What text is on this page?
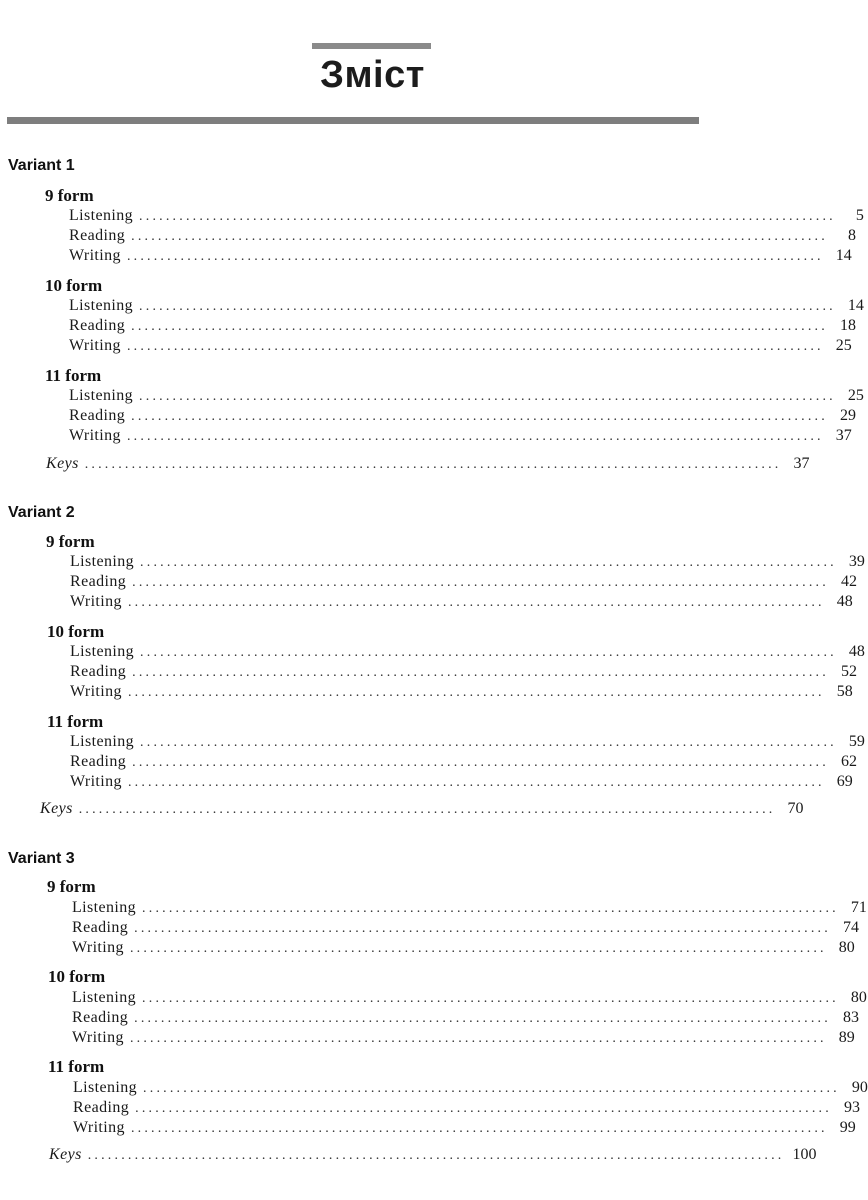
Зміст
Variant 1
9 form
Listening ........................................................................................................	5
Reading ........................................................................................................	8
Writing ........................................................................................................ 14
10 form
Listening ........................................................................................................ 14
Reading ........................................................................................................ 18
Writing ........................................................................................................ 25
11 form
Listening ........................................................................................................ 25
Reading ........................................................................................................ 29
Writing ........................................................................................................ 37
Keys ........................................................................................................ 37
Variant 2
9 form
Listening ........................................................................................................ 39
Reading ........................................................................................................ 42
Writing ........................................................................................................ 48
10 form
Listening ........................................................................................................ 48
Reading ........................................................................................................ 52
Writing ........................................................................................................ 58
11 form
Listening ........................................................................................................ 59
Reading ........................................................................................................ 62
Writing ........................................................................................................ 69
Keys ........................................................................................................ 70
Variant 3
9 form
Listening ........................................................................................................ 71
Reading ........................................................................................................ 74
Writing ........................................................................................................ 80
10 form
Listening ........................................................................................................ 80
Reading ........................................................................................................ 83
Writing ........................................................................................................ 89
11 form
Listening ........................................................................................................ 90
Reading ........................................................................................................ 93
Writing ........................................................................................................ 99
Keys ........................................................................................................ 100
